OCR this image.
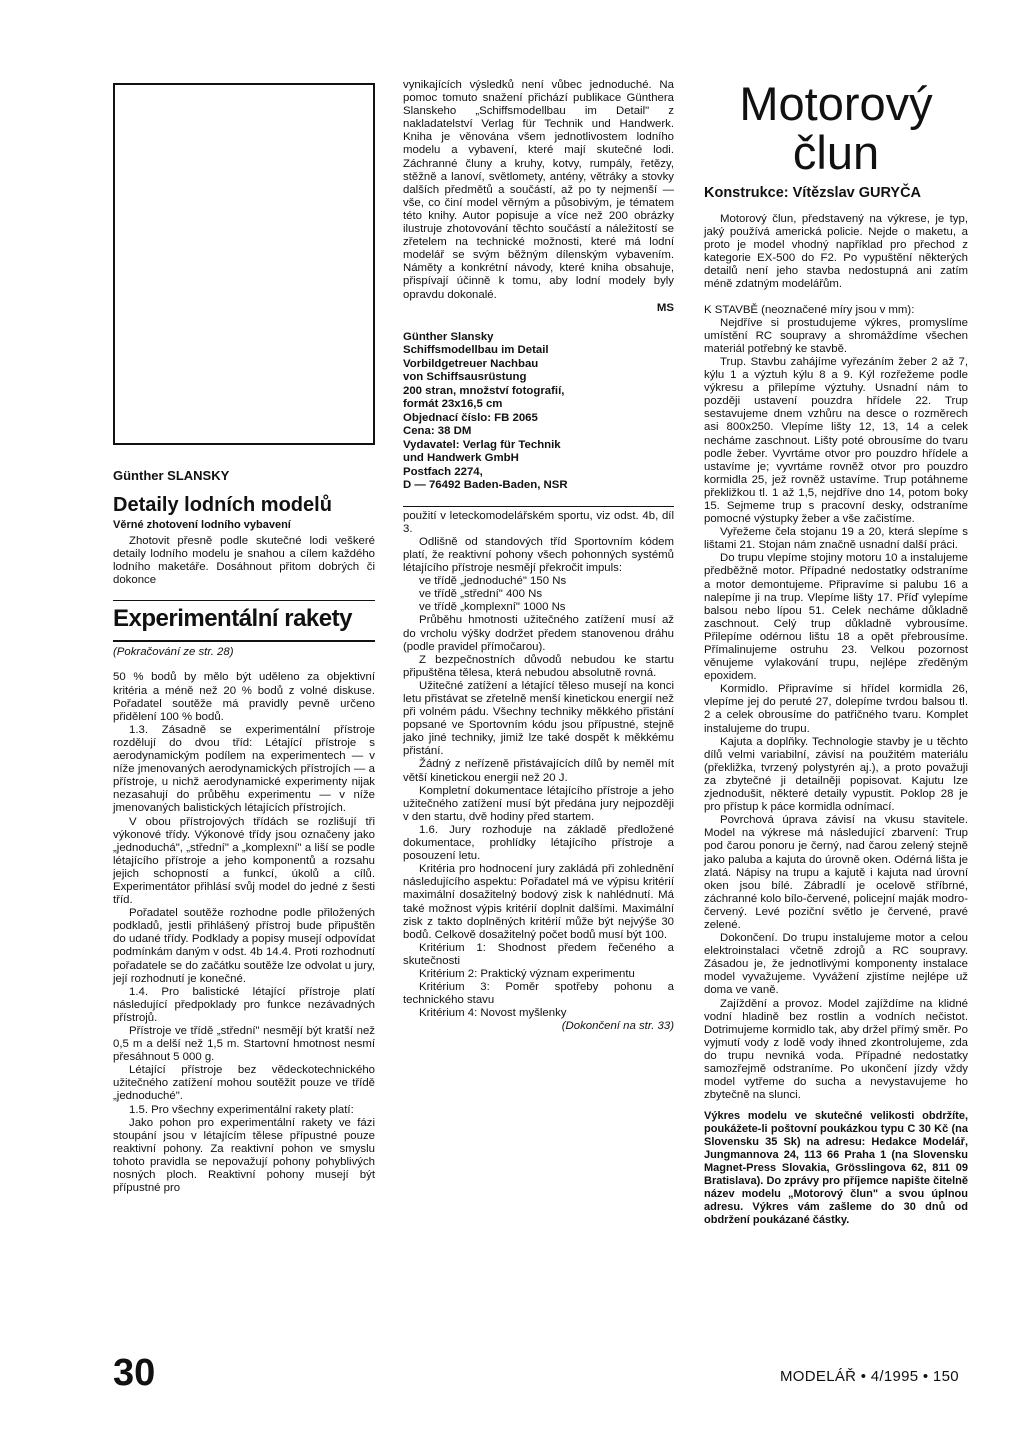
Günther SLANSKY
Detaily lodních modelů
Věrné zhotovení lodního vybavení

Zhotovit přesně podle skutečné lodi veškeré detaily lodního modelu je snahou a cílem každého lodního maketáře. Dosáhnout přitom dobrých či dokonce

Experimentální rakety

(Pokračování ze str. 28)

50 % bodů by mělo být uděleno za objektivní kritéria a méně než 20 % bodů z volné diskuse. Pořadatel soutěže má pravidly pevně určeno přidělení 100 % bodů.

1.3. Zásadně se experimentální přístroje rozdělují do dvou tříd: Létající přístroje s aerodynamickým podílem na experimentech — v níže jmenovaných aerodynamických přístrojích — a přístroje, u nichž aerodynamické experimenty nijak nezasahují do průběhu experimentu — v níže jmenovaných balistických létajících přístrojích.

V obou přístrojových třídách se rozlišují tři výkonové třídy. Výkonové třídy jsou označeny jako „jednoduchá", „střední" a „komplexní" a liší se podle létajícího přístroje a jeho komponentů a rozsahu jejich schopností a funkcí, úkolů a cílů. Experimentátor přihlásí svůj model do jedné z šesti tříd.

Pořadatel soutěže rozhodne podle přiložených podkladů, jestli přihlášený přístroj bude připuštěn do udané třídy. Podklady a popisy musejí odpovídat podmínkám daným v odst. 4b 14.4. Proti rozhodnutí pořadatele se do začátku soutěže lze odvolat u jury, její rozhodnutí je konečné.

1.4. Pro balistické létající přístroje platí následující předpoklady pro funkce nezávadných přístrojů.

Přístroje ve třídě „střední" nesmějí být kratší než 0,5 m a delší než 1,5 m. Startovní hmotnost nesmí přesáhnout 5 000 g.

Létající přístroje bez vědeckotechnického užitečného zatížení mohou soutěžit pouze ve třídě „jednoduché".

1.5. Pro všechny experimentální rakety platí:

Jako pohon pro experimentální rakety ve fázi stoupání jsou v létajícím tělese přípustné pouze reaktivní pohony. Za reaktivní pohon ve smyslu tohoto pravidla se nepovažují pohony pohyblivých nosných ploch. Reaktivní pohony musejí být přípustné pro

vynikajících výsledků není vůbec jednoduché. Na pomoc tomuto snažení přichází publikace Günthera Slanskeho „Schiffsmodellbau im Detail" z nakladatelství Verlag für Technik und Handwerk. Kniha je věnována všem jednotlivostem lodního modelu a vybavení, které mají skutečné lodi. Záchranné čluny a kruhy, kotvy, rumpály, řetězy, stěžně a lanoví, světlomety, antény, větráky a stovky dalších předmětů a součástí, až po ty nejmenší — vše, co činí model věrným a působivým, je tématem této knihy. Autor popisuje a více než 200 obrázky ilustruje zhotovování těchto součástí a náležitostí se zřetelem na technické možnosti, které má lodní modelář se svým běžným dílenským vybavením. Náměty a konkrétní návody, které kniha obsahuje, přispívají účinně k tomu, aby lodní modely byly opravdu dokonalé.

MS

Günther Slansky
Schiffsmodellbau im Detail
Vorbildgetreuer Nachbau
von Schiffsausrüstung
200 stran, množství fotografií,
formát 23x16,5 cm
Objednací číslo: FB 2065
Cena: 38 DM
Vydavatel: Verlag für Technik
und Handwerk GmbH
Postfach 2274,
D — 76492 Baden-Baden, NSR

použití v leteckomodelářském sportu, viz odst. 4b, díl 3.

Odlišně od standových tříd Sportovním kódem platí, že reaktivní pohony všech pohonných systémů létajícího přístroje nesmějí překročit impuls:

ve třídě „jednoduché" 150 Ns

ve třídě „střední" 400 Ns

ve třídě „komplexní" 1000 Ns

Průběhu hmotnosti užitečného zatížení musí až do vrcholu výšky dodržet předem stanovenou dráhu (podle pravidel přímočarou).

Z bezpečnostních důvodů nebudou ke startu připuštěna tělesa, která nebudou absolutně rovná.

Užitečné zatížení a létající těleso musejí na konci letu přistávat se zřetelně menší kinetickou energií než při volném pádu. Všechny techniky měkkého přistání popsané ve Sportovním kódu jsou přípustné, stejně jako jiné techniky, jimiž lze také dospět k měkkému přistání.

Žádný z neřízeně přistávajících dílů by neměl mít větší kinetickou energii než 20 J.

Kompletní dokumentace létajícího přístroje a jeho užitečného zatížení musí být předána jury nejpozději v den startu, dvě hodiny před startem.

1.6. Jury rozhoduje na základě předložené dokumentace, prohlídky létajícího přístroje a posouzení letu.

Kritéria pro hodnocení jury zakládá při zohlednění následujícího aspektu: Pořadatel má ve výpisu kritérií maximální dosažitelný bodový zisk k nahlédnutí. Má také možnost výpis kritérií doplnit dalšími. Maximální zisk z takto doplněných kritérií může být nejvýše 30 bodů. Celkově dosažitelný počet bodů musí být 100.

Kritérium 1: Shodnost předem řečeného a skutečnosti

Kritérium 2: Praktický význam experimentu

Kritérium 3: Poměr spotřeby pohonu a technického stavu

Kritérium 4: Novost myšlenky

(Dokončení na str. 33)

Motorový

člun

Konstrukce: Vítězslav GURYČA

Motorový člun, představený na výkrese, je typ, jaký používá americká policie. Nejde o maketu, a proto je model vhodný například pro přechod z kategorie EX-500 do F2. Po vypuštění některých detailů není jeho stavba nedostupná ani zatím méně zdatným modelářům.

K STAVBĚ (neoznačené míry jsou v mm):

Nejdříve si prostudujeme výkres, promyslíme umístění RC soupravy a shromáždíme všechen materiál potřebný ke stavbě.

Trup. Stavbu zahájíme vyřezáním žeber 2 až 7, kýlu 1 a výztuh kýlu 8 a 9. Kýl rozřežeme podle výkresu a přilepíme výztuhy. Usnadní nám to později ustavení pouzdra hřídele 22. Trup sestavujeme dnem vzhůru na desce o rozměrech asi 800x250. Vlepíme lišty 12, 13, 14 a celek necháme zaschnout. Lišty poté obrousíme do tvaru podle žeber. Vyvrtáme otvor pro pouzdro hřídele a ustavíme je; vyvrtáme rovněž otvor pro pouzdro kormidla 25, jež rovněž ustavíme. Trup potáhneme překližkou tl. 1 až 1,5, nejdříve dno 14, potom boky 15. Sejmeme trup s pracovní desky, odstraníme pomocné výstupky žeber a vše začistíme.

Vyřežeme čela stojanu 19 a 20, která slepíme s lištami 21. Stojan nám značně usnadní další práci.

Do trupu vlepíme stojiny motoru 10 a instalujeme předběžně motor. Případné nedostatky odstraníme a motor demontujeme. Připravíme si palubu 16 a nalepíme ji na trup. Vlepíme lišty 17. Příď vylepíme balsou nebo lípou 51. Celek necháme důkladně zaschnout. Celý trup důkladně vybrousíme. Přilepíme odérnou lištu 18 a opět přebrousíme. Přímalinujeme ostruhu 23. Velkou pozornost věnujeme vylakování trupu, nejlépe zředěným epoxidem.

Kormidlo. Připravíme si hřídel kormidla 26, vlepíme jej do peruté 27, dolepíme tvrdou balsou tl. 2 a celek obrousíme do patřičného tvaru. Komplet instalujeme do trupu.

Kajuta a doplňky. Technologie stavby je u těchto dílů velmi variabilní, závisí na použitém materiálu (překližka, tvrzený polystyrén aj.), a proto považuji za zbytečné ji detailněji popisovat. Kajutu lze zjednodušit, některé detaily vypustit. Poklop 28 je pro přístup k páce kormidla odnímací.

Povrchová úprava závisí na vkusu stavitele. Model na výkrese má následující zbarvení: Trup pod čarou ponoru je černý, nad čarou zelený stejně jako paluba a kajuta do úrovně oken. Odérná lišta je zlatá. Nápisy na trupu a kajutě i kajuta nad úrovní oken jsou bílé. Zábradlí je ocelově stříbrné, záchranné kolo bílo-červené, policejní maják modro-červený. Levé poziční světlo je červené, pravé zelené.

Dokončení. Do trupu instalujeme motor a celou elektroinstalaci včetně zdrojů a RC soupravy. Zásadou je, že jednotlivými komponenty instalace model vyvažujeme. Vyvážení zjistíme nejlépe už doma ve vaně.

Zajíždění a provoz. Model zajíždíme na klidné vodní hladině bez rostlin a vodních nečistot. Dotrimujeme kormidlo tak, aby držel přímý směr. Po vyjmutí vody z lodě vody ihned zkontrolujeme, zda do trupu nevniká voda. Případné nedostatky samozřejmě odstraníme. Po ukončení jízdy vždy model vytřeme do sucha a nevystavujeme ho zbytečně na slunci.

Výkres modelu ve skutečné velikosti obdržíte, poukážete-li poštovní poukázkou typu C 30 Kč (na Slovensku 35 Sk) na adresu: Hedakce Modelář, Jungmannova 24, 113 66 Praha 1 (na Slovensku Magnet-Press Slovakia, Grösslingova 62, 811 09 Bratislava). Do zprávy pro příjemce napište čitelně název modelu „Motorový člun" a svou úplnou adresu. Výkres vám zašleme do 30 dnů od obdržení poukázané částky.

30	MODELÁŘ • 4/1995 • 150
